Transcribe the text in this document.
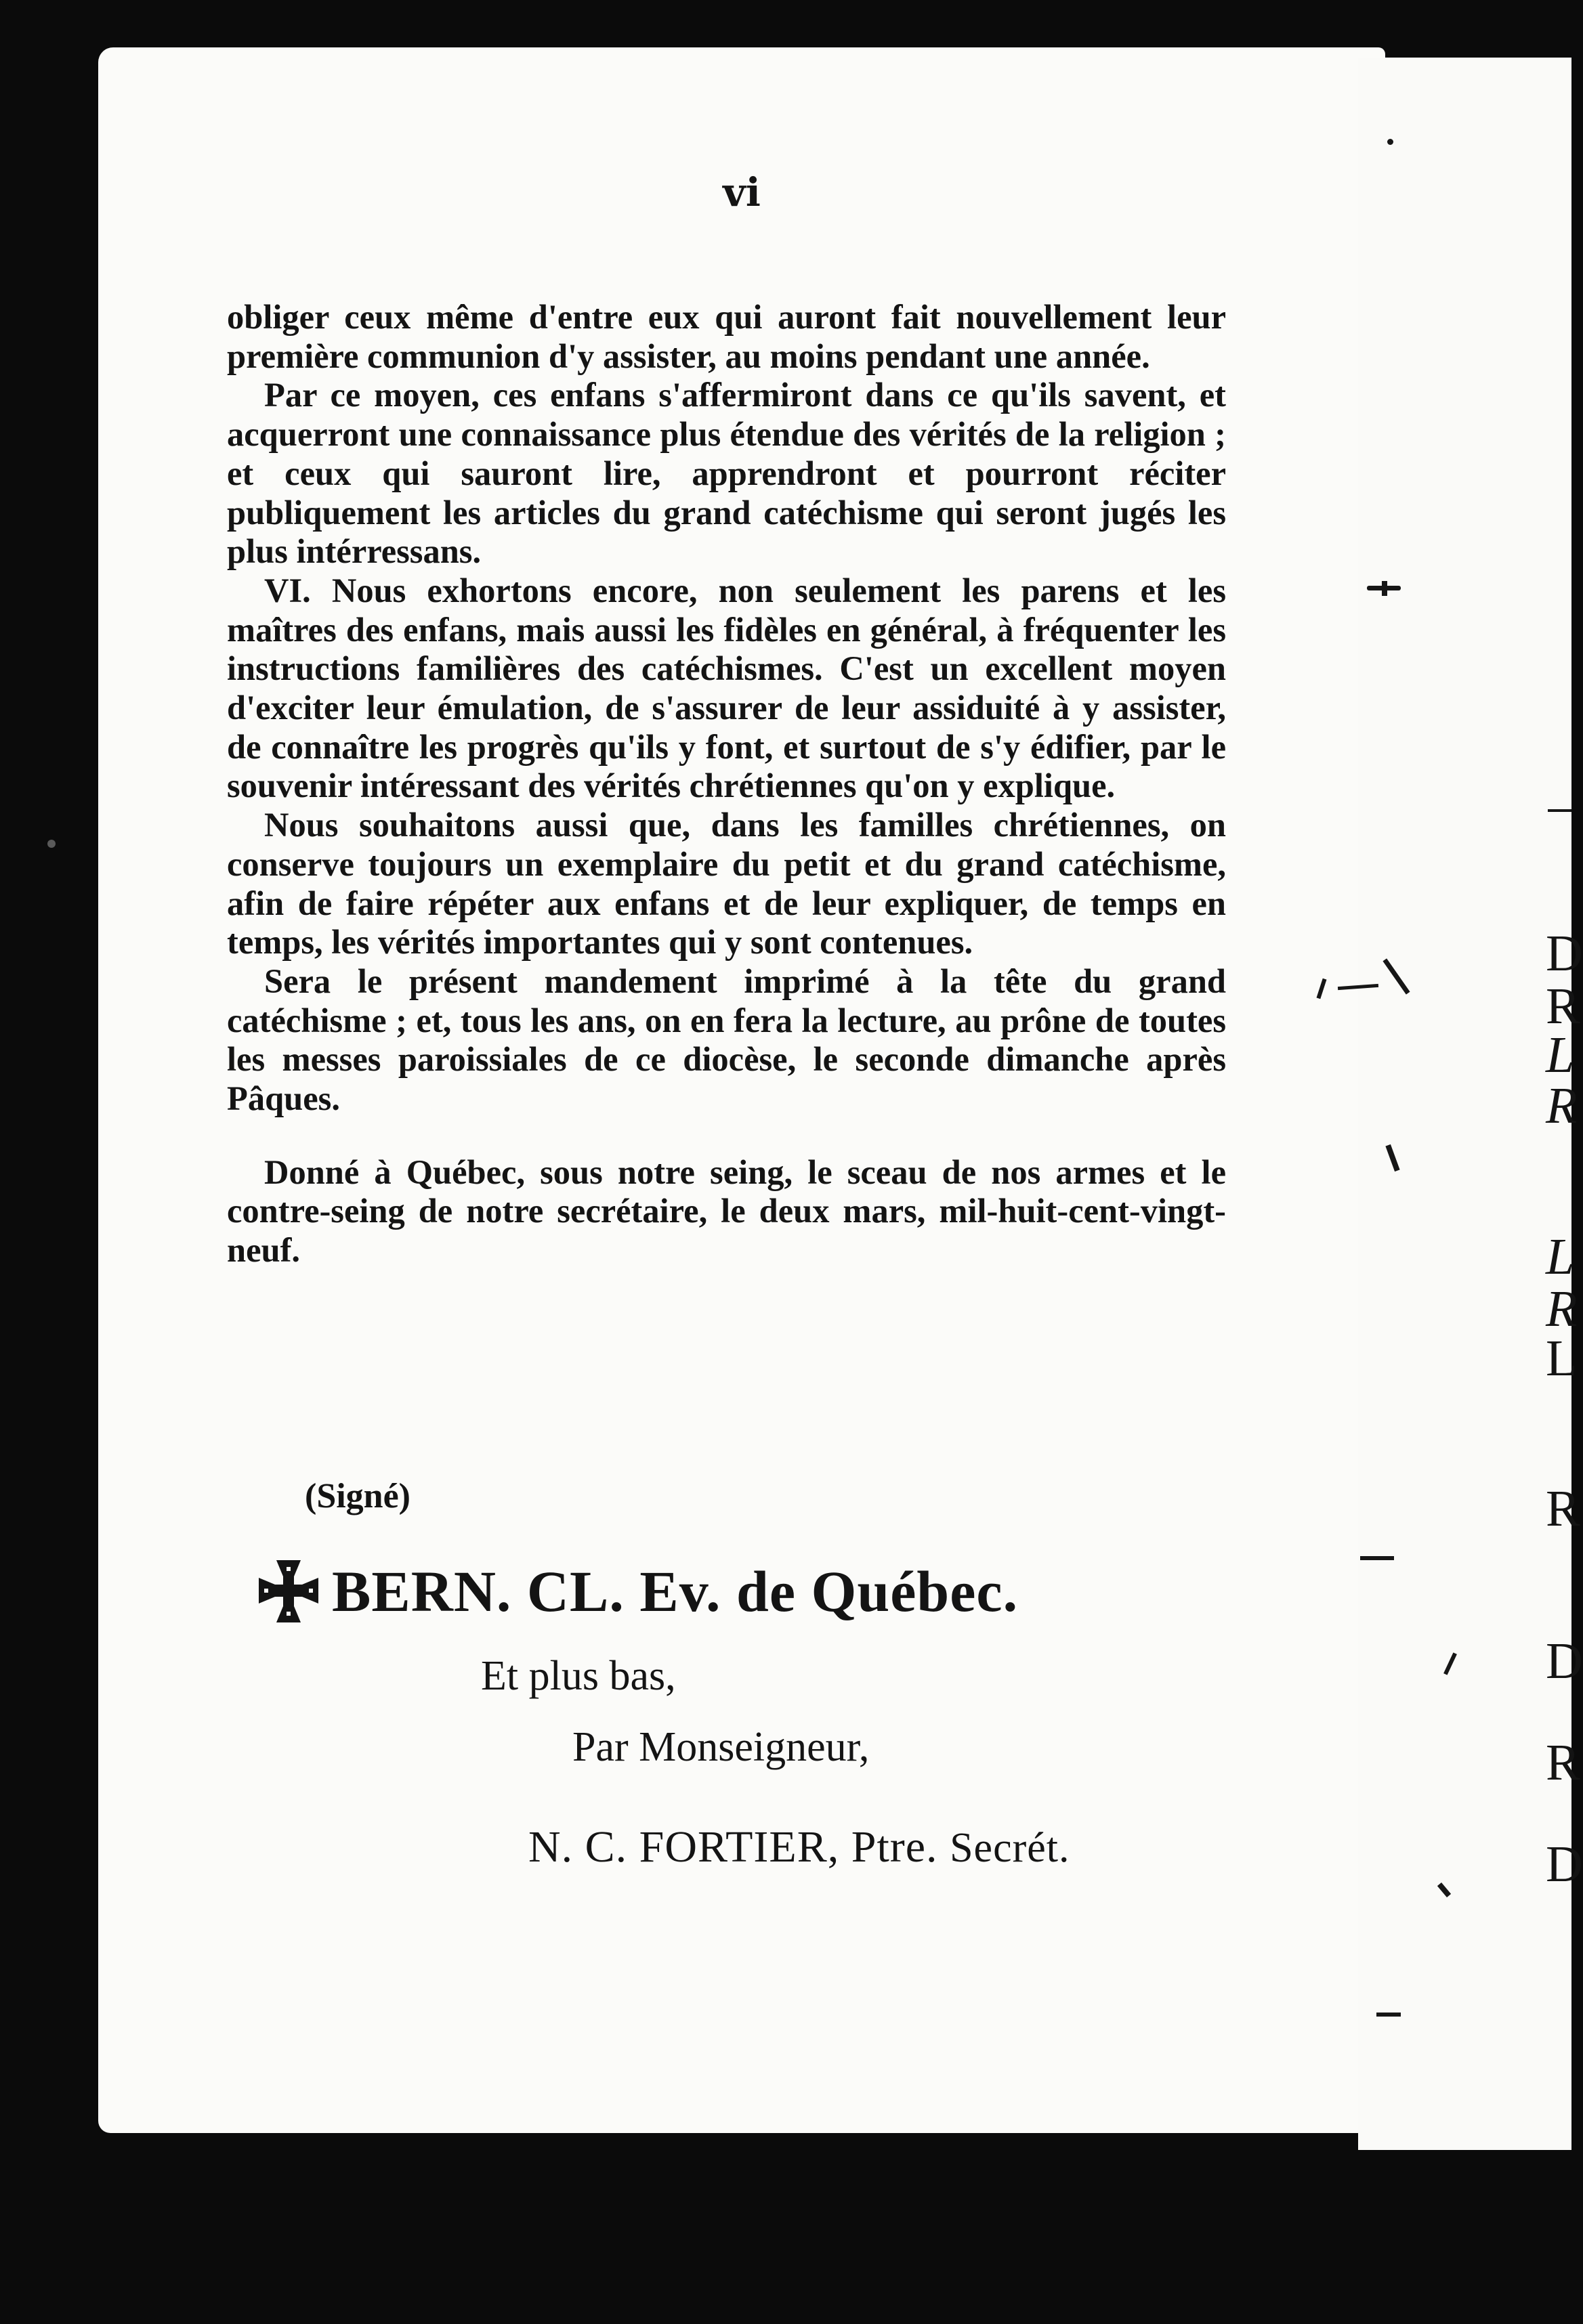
vi

obliger ceux même d'entre eux qui auront fait nouvellement leur première communion d'y assister, au moins pendant une année.

Par ce moyen, ces enfans s'affermiront dans ce qu'ils savent, et acquerront une connaissance plus étendue des vérités de la religion ; et ceux qui sauront lire, apprendront et pourront réciter publiquement les articles du grand catéchisme qui seront jugés les plus intérressans.

VI. Nous exhortons encore, non seulement les parens et les maîtres des enfans, mais aussi les fidèles en général, à fréquenter les instructions familières des catéchismes. C'est un excellent moyen d'exciter leur émulation, de s'assurer de leur assiduité à y assister, de connaître les progrès qu'ils y font, et surtout de s'y édifier, par le souvenir intéressant des vérités chrétiennes qu'on y explique.

Nous souhaitons aussi que, dans les familles chrétiennes, on conserve toujours un exemplaire du petit et du grand catéchisme, afin de faire répéter aux enfans et de leur expliquer, de temps en temps, les vérités importantes qui y sont contenues.

Sera le présent mandement imprimé à la tête du grand catéchisme ; et, tous les ans, on en fera la lecture, au prône de toutes les messes paroissiales de ce diocèse, le seconde dimanche après Pâques.

Donné à Québec, sous notre seing, le sceau de nos armes et le contre-seing de notre secrétaire, le deux mars, mil-huit-cent-vingt-neuf.

(Signé)
BERN. CL. Ev. de Québec.
Et plus bas,
Par Monseigneur,
N. C. FORTIER, Ptre. Secrét.
D
R
L
R
L
R
L
R
D
R
D
